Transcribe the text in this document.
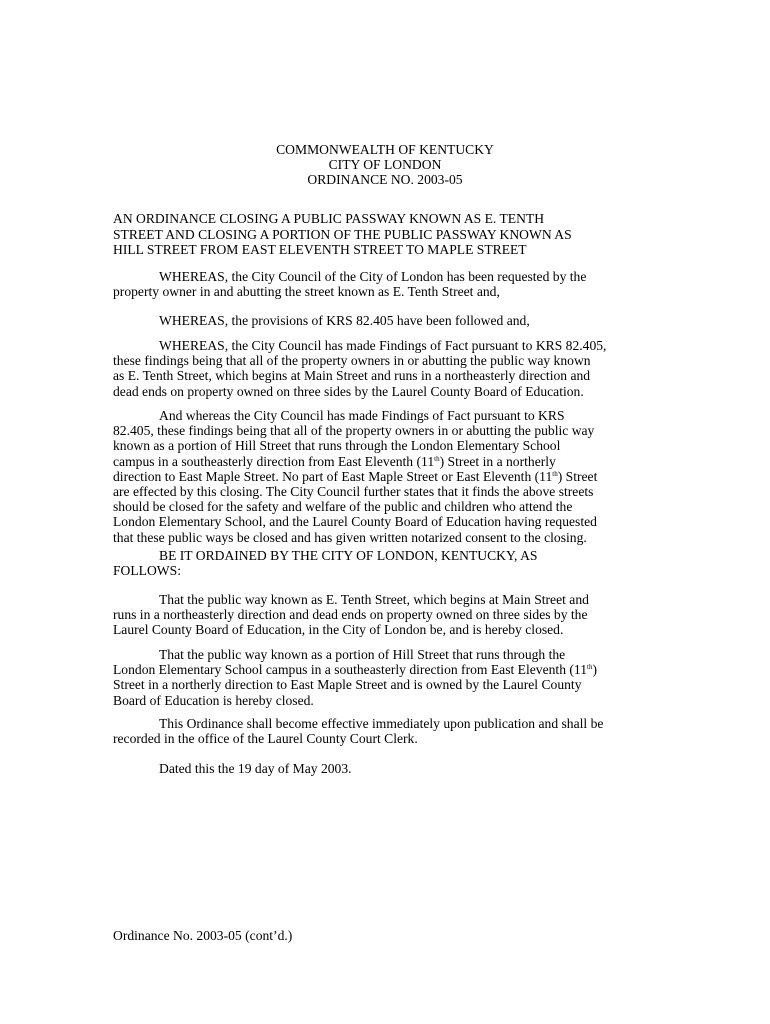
COMMONWEALTH OF KENTUCKY
CITY OF LONDON
ORDINANCE NO. 2003-05
AN ORDINANCE CLOSING A PUBLIC PASSWAY KNOWN AS E. TENTH
STREET AND CLOSING A PORTION OF THE PUBLIC PASSWAY KNOWN AS
HILL STREET FROM EAST ELEVENTH STREET TO MAPLE STREET
WHEREAS, the City Council of the City of London has been requested by the
property owner in and abutting the street known as E. Tenth Street and,
WHEREAS, the provisions of KRS 82.405 have been followed and,
WHEREAS, the City Council has made Findings of Fact pursuant to KRS 82.405,
these findings being that all of the property owners in or abutting the public way known
as E. Tenth Street, which begins at Main Street and runs in a northeasterly direction and
dead ends on property owned on three sides by the Laurel County Board of Education.
And whereas the City Council has made Findings of Fact pursuant to KRS
82.405, these findings being that all of the property owners in or abutting the public way
known as a portion of Hill Street that runs through the London Elementary School
campus in a southeasterly direction from East Eleventh (11th) Street in a northerly
direction to East Maple Street. No part of East Maple Street or East Eleventh (11th) Street
are effected by this closing. The City Council further states that it finds the above streets
should be closed for the safety and welfare of the public and children who attend the
London Elementary School, and the Laurel County Board of Education having requested
that these public ways be closed and has given written notarized consent to the closing.
BE IT ORDAINED BY THE CITY OF LONDON, KENTUCKY, AS
FOLLOWS:
That the public way known as E. Tenth Street, which begins at Main Street and
runs in a northeasterly direction and dead ends on property owned on three sides by the
Laurel County Board of Education, in the City of London be, and is hereby closed.
That the public way known as a portion of Hill Street that runs through the
London Elementary School campus in a southeasterly direction from East Eleventh (11th)
Street in a northerly direction to East Maple Street and is owned by the Laurel County
Board of Education is hereby closed.
This Ordinance shall become effective immediately upon publication and shall be
recorded in the office of the Laurel County Court Clerk.
Dated this the 19 day of May 2003.
Ordinance No. 2003-05 (cont’d.)
